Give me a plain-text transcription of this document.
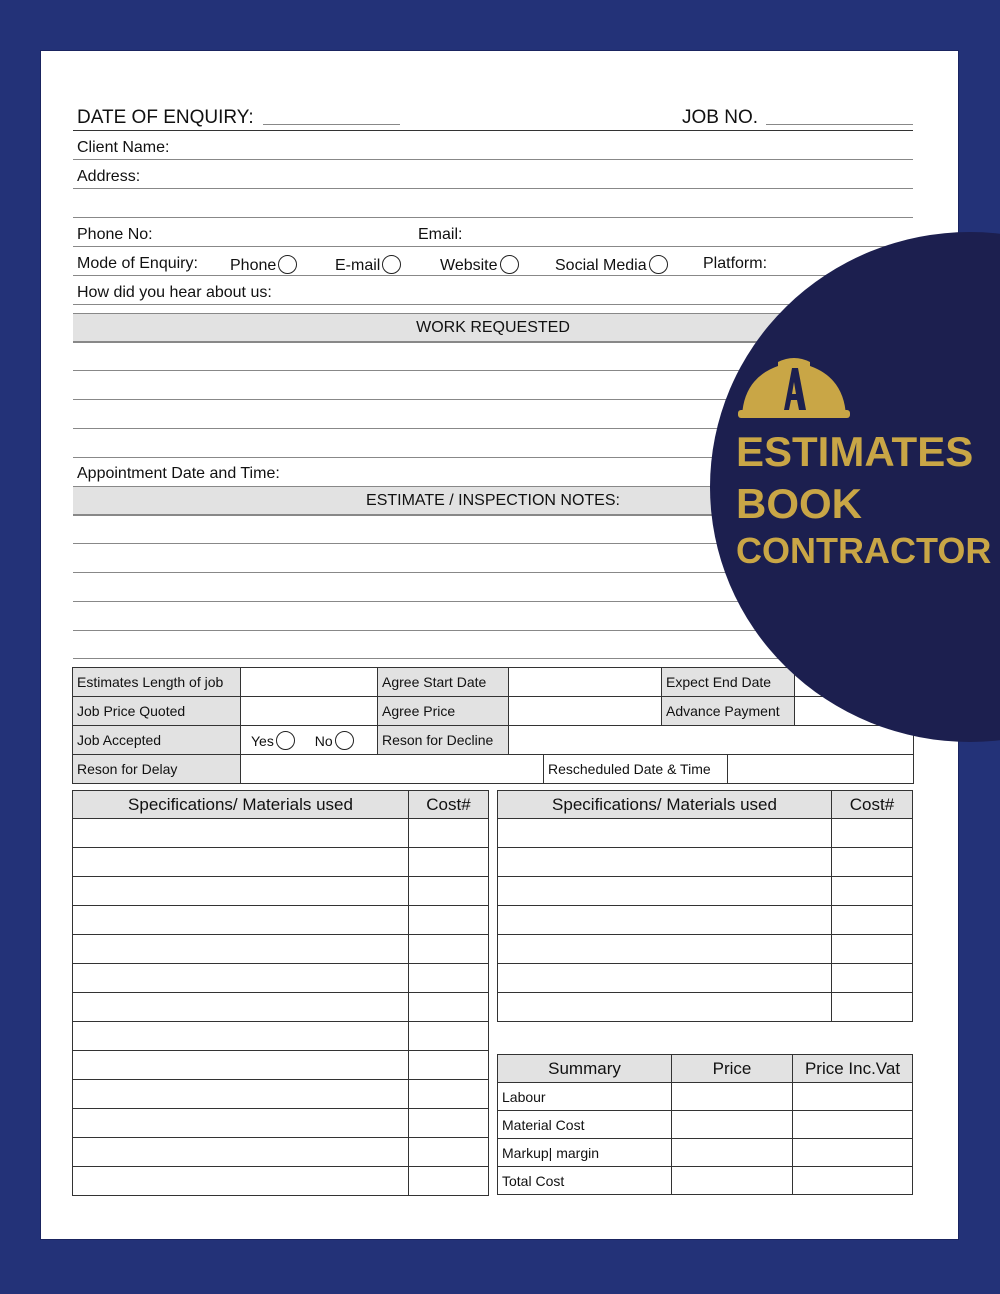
DATE OF ENQUIRY:	JOB NO.
Client Name:
Address:
Phone No:	Email:
Mode of Enquiry: Phone	E-mail	Website	Social Media	Platform:
How did you hear about us:
WORK REQUESTED
Appointment Date and Time:
ESTIMATE / INSPECTION NOTES:
Estimates Length of job		Agree Start Date		Expect End Date	
Job Price Quoted		Agree Price		Advance Payment	
Job Accepted	Yes No	Reson for Decline			
Reson for Delay		Rescheduled Date & Time	
Specifications/ Materials used	Cost#

		Specifications/ Materials used	Cost#

Summary	Price	Price Inc.Vat
Labour		
Material Cost		
Markup| margin		
Total Cost		
ESTIMATES
BOOK
CONTRACTOR
